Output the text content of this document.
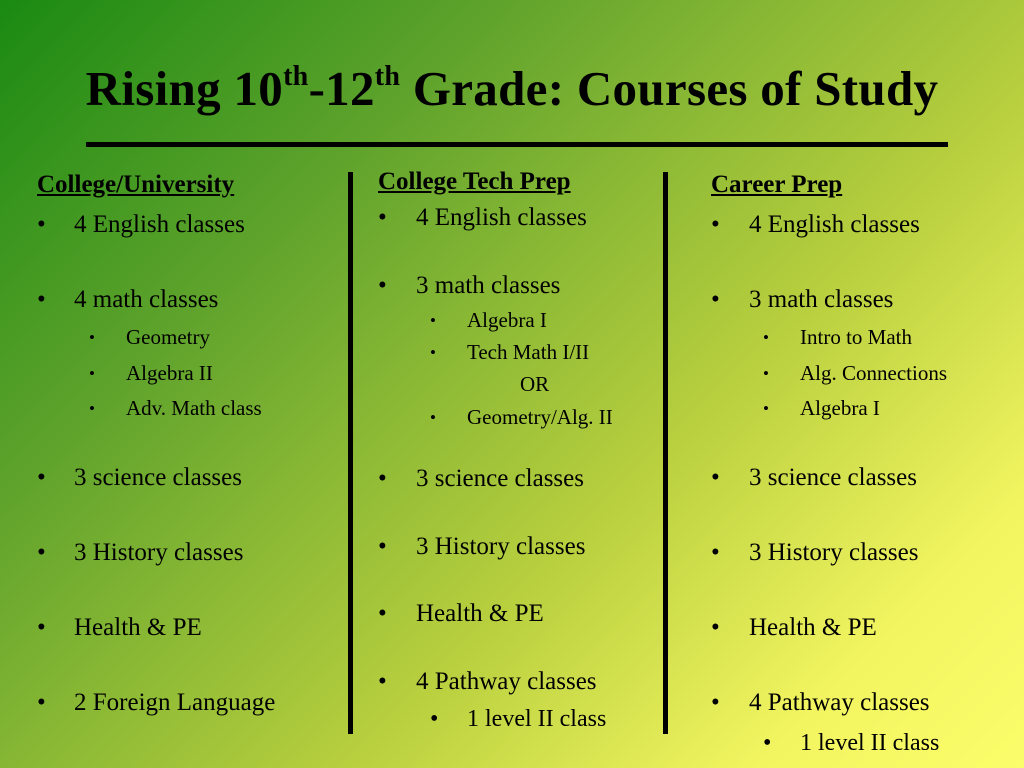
Rising 10th-12th Grade: Courses of Study
College/University
• 4 English classes
• 4 math classes
• Geometry
• Algebra II
• Adv. Math class
• 3 science classes
• 3 History classes
• Health & PE
• 2 Foreign Language
College Tech Prep
• 4 English classes
• 3 math classes
• Algebra I
• Tech Math I/II
OR
• Geometry/Alg. II
• 3 science classes
• 3 History classes
• Health & PE
• 4 Pathway classes
• 1 level II class
Career Prep
• 4 English classes
• 3 math classes
• Intro to Math
• Alg. Connections
• Algebra I
• 3 science classes
• 3 History classes
• Health & PE
• 4 Pathway classes
• 1 level II class
